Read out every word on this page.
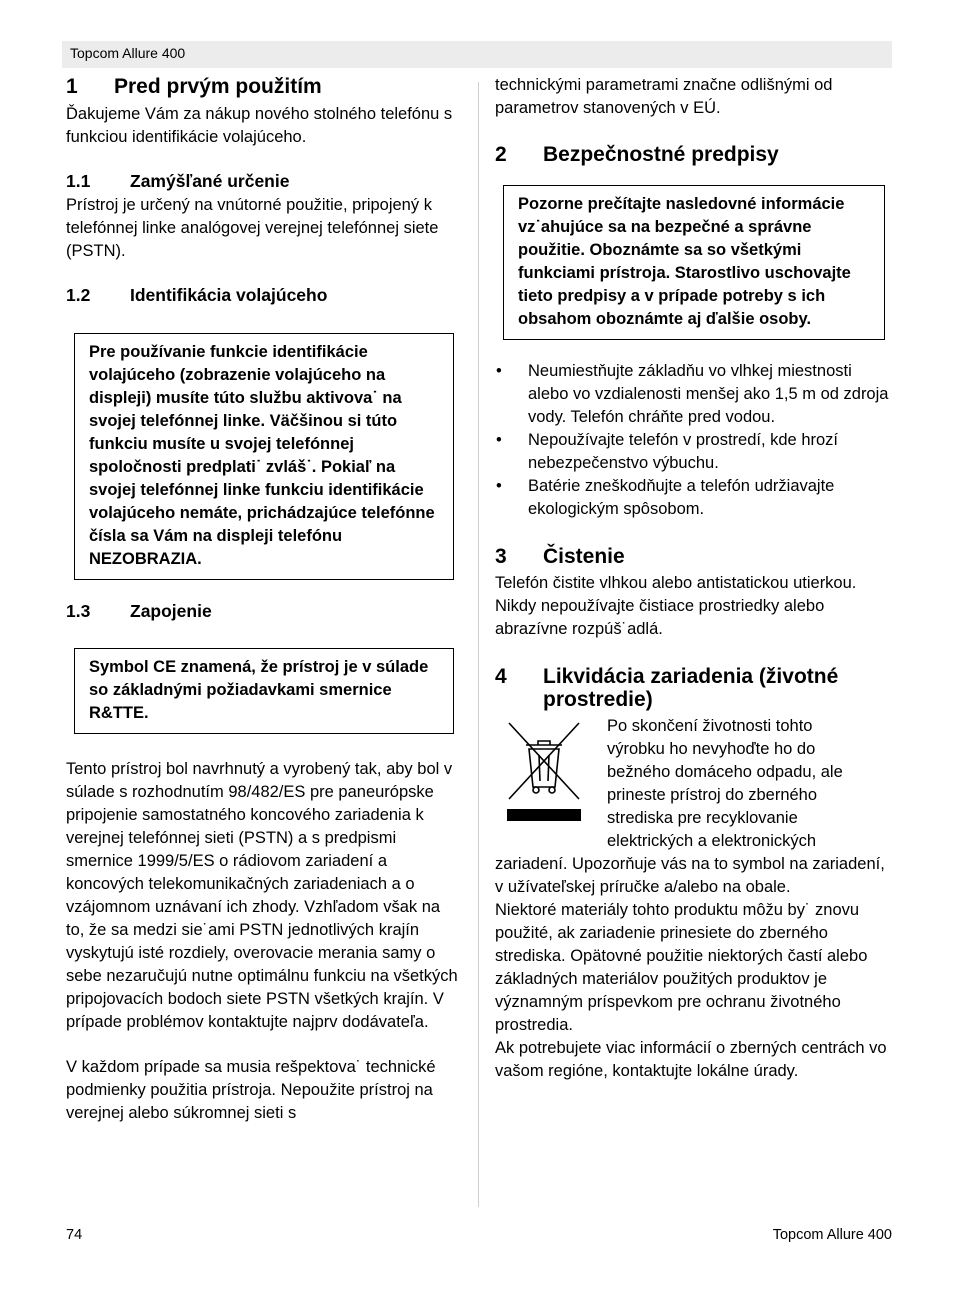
Topcom Allure 400
1	Pred prvým použitím

Ďakujeme Vám za nákup nového stolného telefónu s funkciou identifikácie volajúceho.

1.1	Zamýšľané určenie

Prístroj je určený na vnútorné použitie, pripojený k telefónnej linke analógovej verejnej telefónnej siete (PSTN).

1.2	Identifikácia volajúceho
Pre používanie funkcie identifikácie volajúceho (zobrazenie volajúceho na displeji) musíte túto službu aktivova˙ na svojej telefónnej linke. Väčšinou si túto funkciu musíte u svojej telefónnej spoločnosti predplati˙ zvláš˙. Pokiaľ na svojej telefónnej linke funkciu identifikácie volajúceho nemáte, prichádzajúce telefónne čísla sa Vám na displeji telefónu NEZOBRAZIA.
1.3	Zapojenie
Symbol CE znamená, že prístroj je v súlade so základnými požiadavkami smernice R&TTE.

Tento prístroj bol navrhnutý a vyrobený tak, aby bol v súlade s rozhodnutím 98/482/ES pre paneurópske pripojenie samostatného koncového zariadenia k verejnej telefónnej sieti (PSTN) a s predpismi smernice 1999/5/ES o rádiovom zariadení a koncových telekomunikačných zariadeniach a o vzájomnom uznávaní ich zhody. Vzhľadom však na to, že sa medzi sie˙ami PSTN jednotlivých krajín vyskytujú isté rozdiely, overovacie merania samy o sebe nezaručujú nutne optimálnu funkciu na všetkých pripojovacích bodoch siete PSTN všetkých krajín. V prípade problémov kontaktujte najprv dodávateľa.

V každom prípade sa musia rešpektova˙ technické podmienky použitia prístroja. Nepoužite prístroj na verejnej alebo súkromnej sieti s

technickými parametrami značne odlišnými od parametrov stanovených v EÚ.

2	Bezpečnostné predpisy
Pozorne prečítajte nasledovné informácie vz˙ahujúce sa na bezpečné a správne použitie. Oboznámte sa so všetkými funkciami prístroja. Starostlivo uschovajte tieto predpisy a v prípade potreby s ich obsahom oboznámte aj ďalšie osoby.
• Neumiestňujte základňu vo vlhkej miestnosti alebo vo vzdialenosti menšej ako 1,5 m od zdroja vody. Telefón chráňte pred vodou.
• Nepoužívajte telefón v prostredí, kde hrozí nebezpečenstvo výbuchu.
• Batérie zneškodňujte a telefón udržiavajte ekologickým spôsobom.
3	Čistenie

Telefón čistite vlhkou alebo antistatickou utierkou. Nikdy nepoužívajte čistiace prostriedky alebo abrazívne rozpúš˙adlá.

4	Likvidácia zariadenia (životné prostredie)

Po skončení životnosti tohto

výrobku ho nevyhoďte ho do

bežného domáceho odpadu, ale

prineste prístroj do zberného

strediska pre recyklovanie

elektrických a elektronických

zariadení. Upozorňuje vás na to symbol na zariadení, v užívateľskej príručke a/alebo na obale.

Niektoré materiály tohto produktu môžu by˙ znovu použité, ak zariadenie prinesiete do zberného strediska. Opätovné použitie niektorých častí alebo základných materiálov použitých produktov je významným príspevkom pre ochranu životného prostredia.

Ak potrebujete viac informácií o zberných centrách vo vašom regióne, kontaktujte lokálne úrady.

74	Topcom Allure 400
